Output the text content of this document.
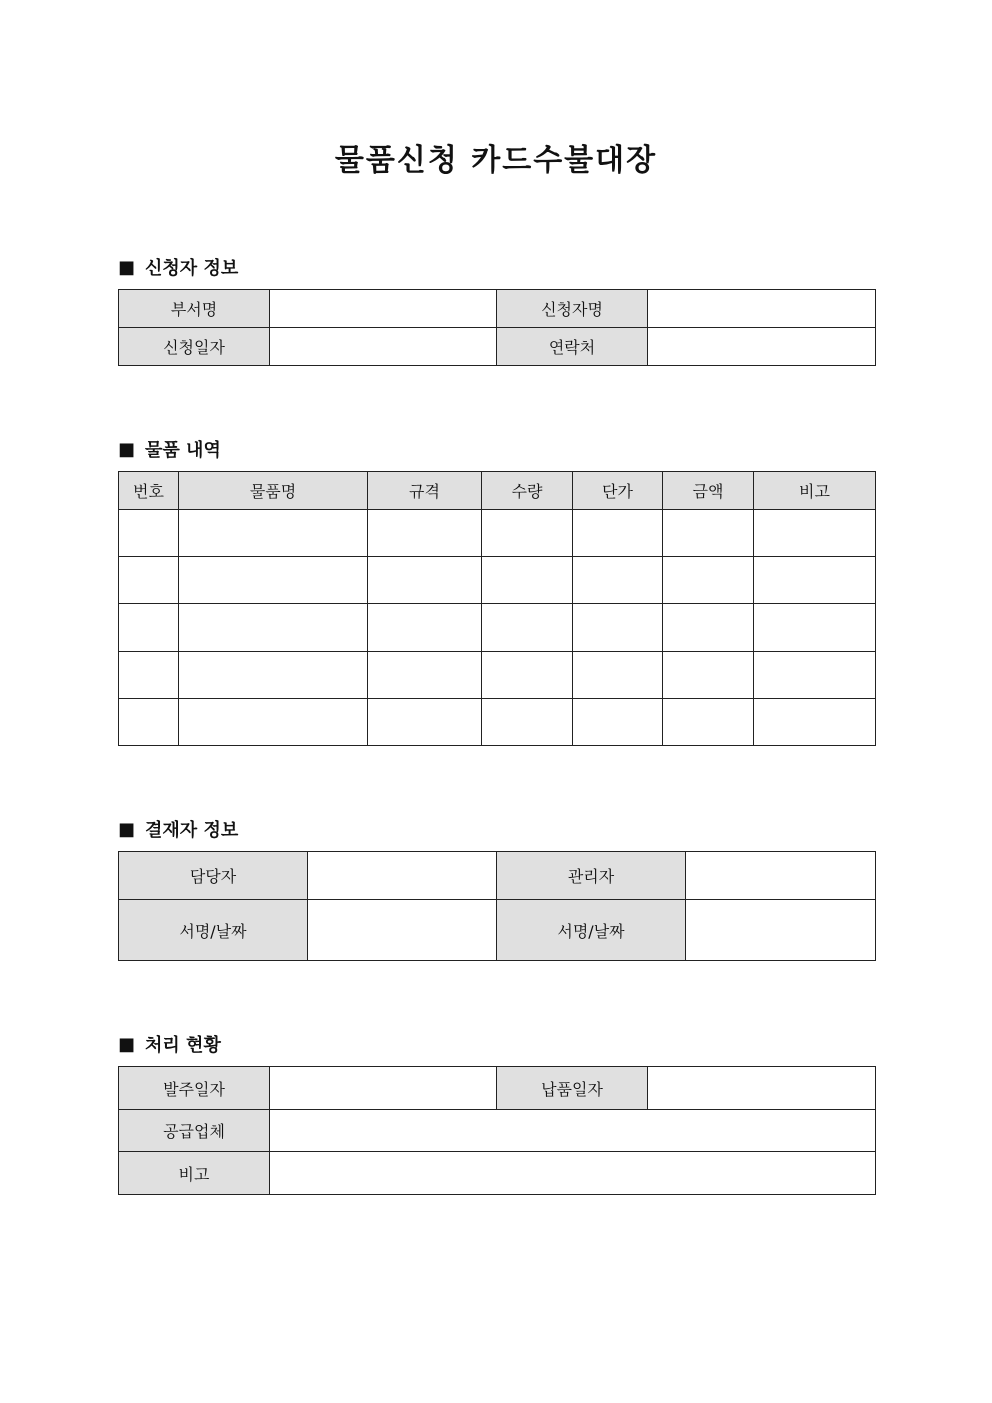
물품신청 카드수불대장
■ 신청자 정보
부서명		신청자명	
신청일자		연락처	
■ 물품 내역
번호	물품명	규격	수량	단가	금액	비고

■ 결재자 정보
담당자		관리자	
서명/날짜		서명/날짜	
■ 처리 현황
발주일자		납품일자	
공급업체			
비고			
